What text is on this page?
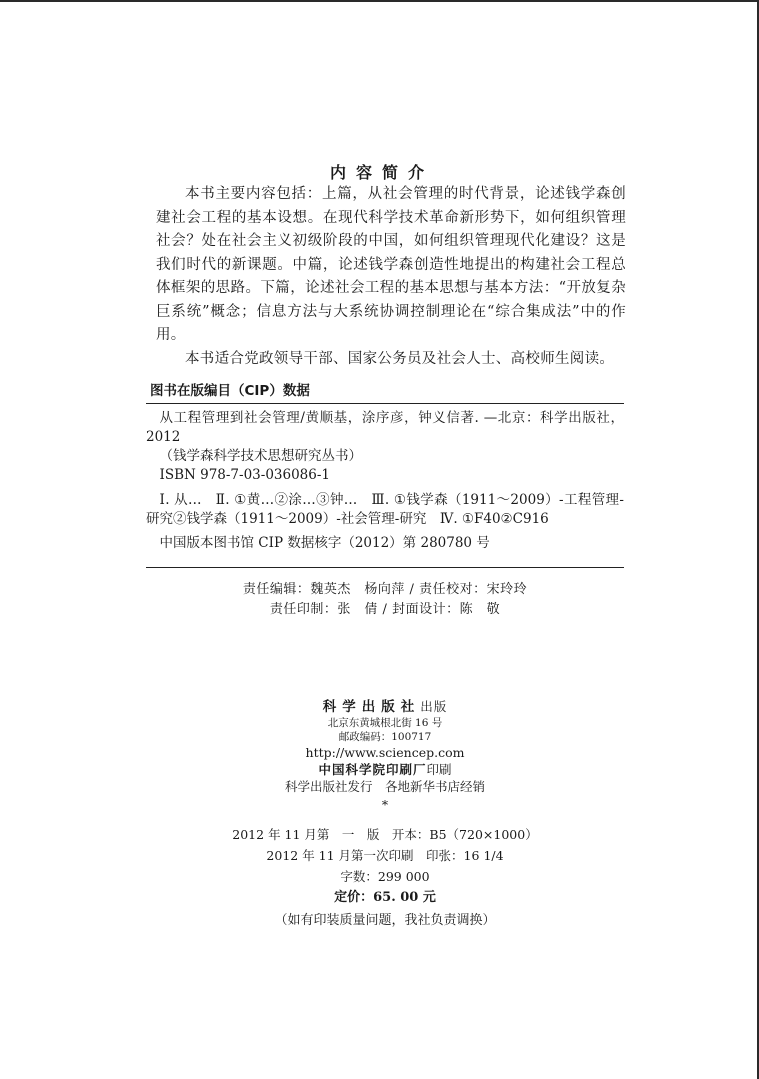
内容简介

本书主要内容包括：上篇，从社会管理的时代背景，论述钱学森创建社会工程的基本设想。在现代科学技术革命新形势下，如何组织管理社会？处在社会主义初级阶段的中国，如何组织管理现代化建设？这是我们时代的新课题。中篇，论述钱学森创造性地提出的构建社会工程总体框架的思路。下篇，论述社会工程的基本思想与基本方法：“开放复杂巨系统”概念；信息方法与大系统协调控制理论在“综合集成法”中的作用。

本书适合党政领导干部、国家公务员及社会人士、高校师生阅读。

图书在版编目（CIP）数据

从工程管理到社会管理/黄顺基，涂序彦，钟义信著. —北京：科学出版社，2012

（钱学森科学技术思想研究丛书）

ISBN 978-7-03-036086-1

Ⅰ. 从…　Ⅱ. ①黄…②涂…③钟…　Ⅲ. ①钱学森（1911～2009）-工程管理-研究②钱学森（1911～2009）-社会管理-研究　Ⅳ. ①F40②C916

中国版本图书馆 CIP 数据核字（2012）第 280780 号

责任编辑：魏英杰　杨向萍 / 责任校对：宋玲玲
责任印制：张　倩 / 封面设计：陈　敬
科学出版社出版
北京东黄城根北街 16 号
邮政编码：100717
http://www.sciencep.com
中国科学院印刷厂印刷
科学出版社发行　各地新华书店经销
*
2012 年 11 月第　一　版　开本：B5（720×1000）
2012 年 11 月第一次印刷　印张：16 1/4
字数：299 000
定价：65. 00 元
（如有印装质量问题，我社负责调换）
